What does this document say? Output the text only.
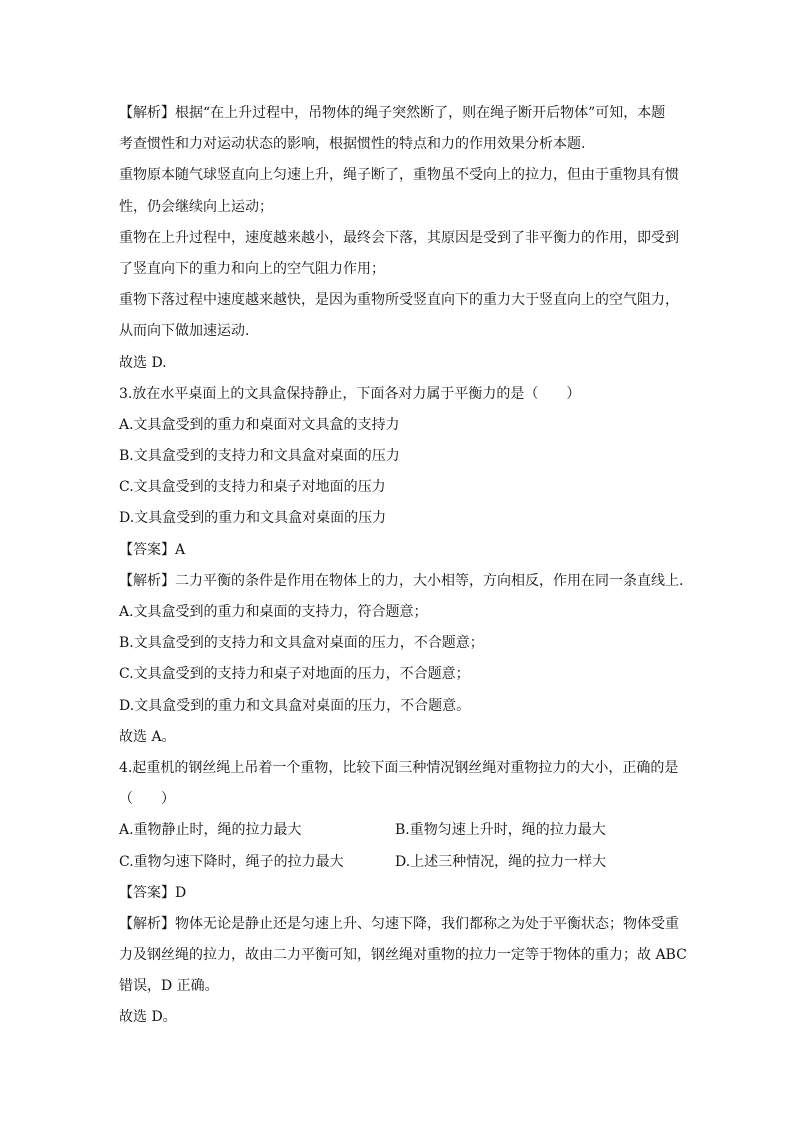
【解析】根据“在上升过程中，吊物体的绳子突然断了，则在绳子断开后物体”可知，本题
考查惯性和力对运动状态的影响，根据惯性的特点和力的作用效果分析本题.
重物原本随气球竖直向上匀速上升，绳子断了，重物虽不受向上的拉力，但由于重物具有惯
性，仍会继续向上运动；
重物在上升过程中，速度越来越小，最终会下落，其原因是受到了非平衡力的作用，即受到
了竖直向下的重力和向上的空气阻力作用；
重物下落过程中速度越来越快，是因为重物所受竖直向下的重力大于竖直向上的空气阻力，
从而向下做加速运动.
故选 D.
3.放在水平桌面上的文具盒保持静止，下面各对力属于平衡力的是（　　）
A.文具盒受到的重力和桌面对文具盒的支持力
B.文具盒受到的支持力和文具盒对桌面的压力
C.文具盒受到的支持力和桌子对地面的压力
D.文具盒受到的重力和文具盒对桌面的压力
【答案】A
【解析】二力平衡的条件是作用在物体上的力，大小相等，方向相反，作用在同一条直线上.
A.文具盒受到的重力和桌面的支持力，符合题意；
B.文具盒受到的支持力和文具盒对桌面的压力，不合题意；
C.文具盒受到的支持力和桌子对地面的压力，不合题意；
D.文具盒受到的重力和文具盒对桌面的压力，不合题意。
故选 A。
4.起重机的钢丝绳上吊着一个重物，比较下面三种情况钢丝绳对重物拉力的大小，正确的是
（　　）
A.重物静止时，绳的拉力最大	B.重物匀速上升时，绳的拉力最大
C.重物匀速下降时，绳子的拉力最大	D.上述三种情况，绳的拉力一样大
【答案】D
【解析】物体无论是静止还是匀速上升、匀速下降，我们都称之为处于平衡状态；物体受重
力及钢丝绳的拉力，故由二力平衡可知，钢丝绳对重物的拉力一定等于物体的重力；故 ABC
错误，D 正确。
故选 D。
